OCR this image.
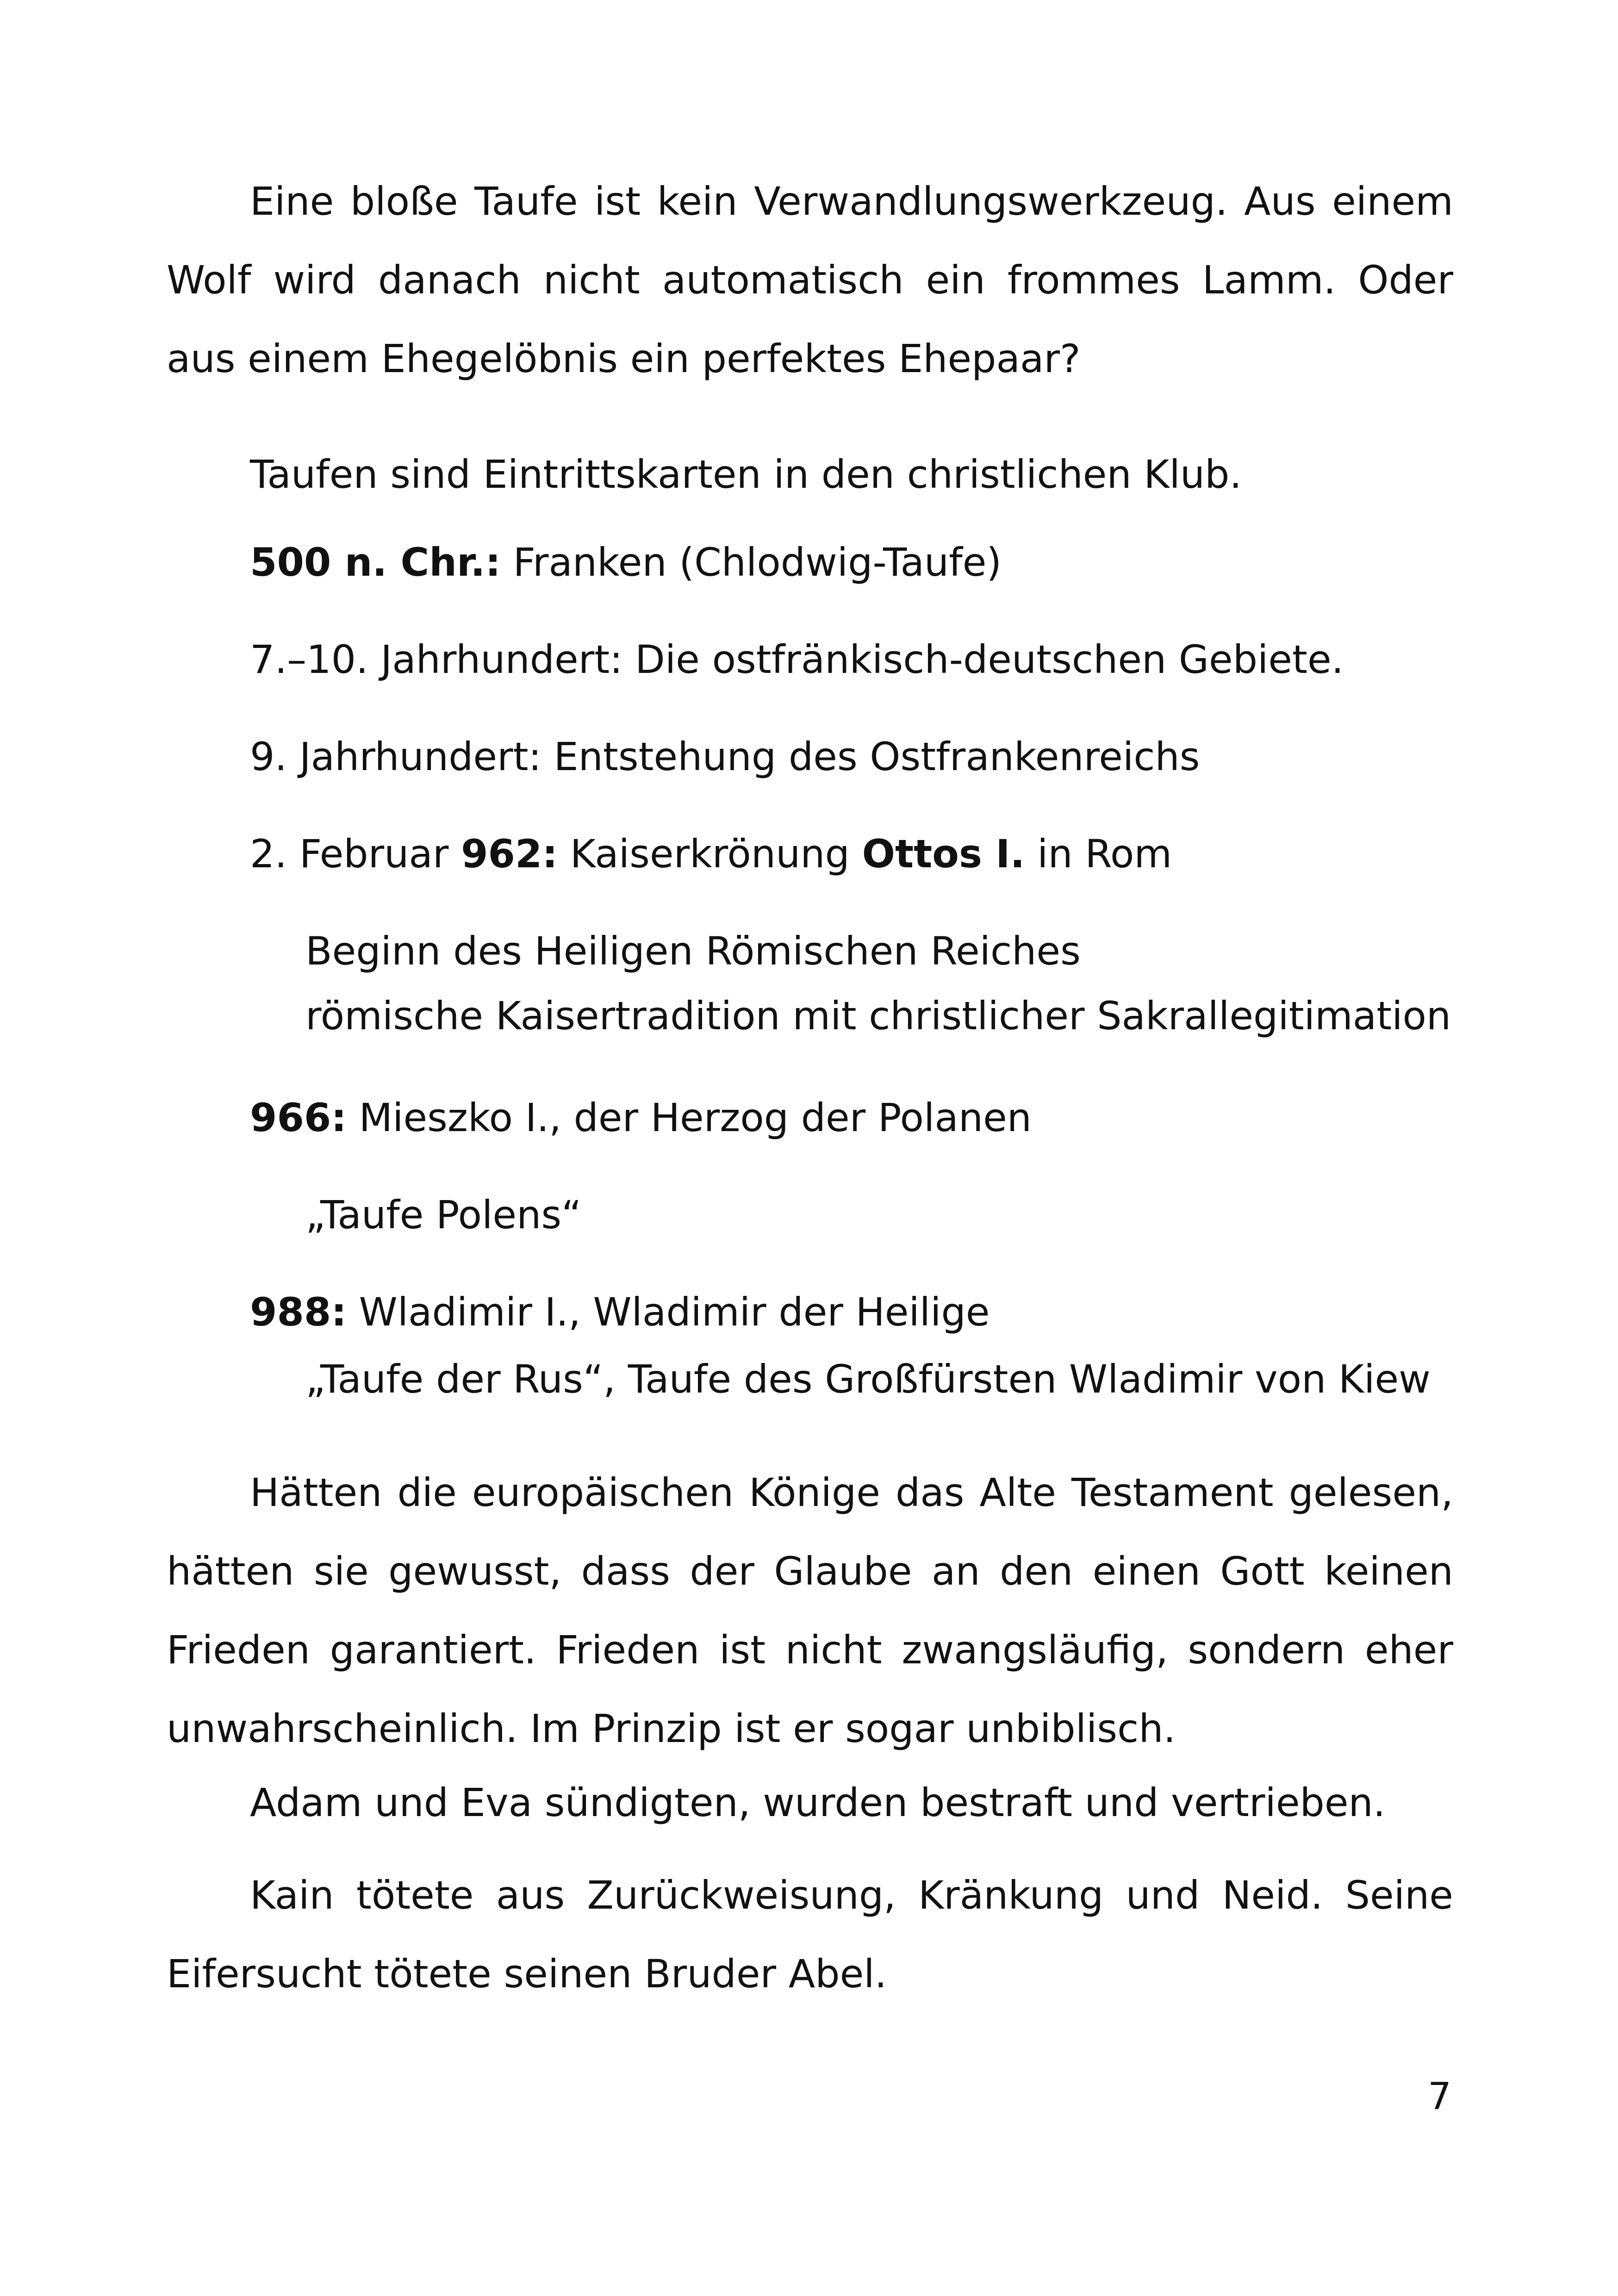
Eine bloße Taufe ist kein Verwandlungswerkzeug. Aus einem Wolf wird danach nicht automatisch ein frommes Lamm. Oder aus einem Ehegelöbnis ein perfektes Ehepaar?

Taufen sind Eintrittskarten in den christlichen Klub.

500 n. Chr.: Franken (Chlodwig-Taufe)

7.–10. Jahrhundert: Die ostfränkisch-deutschen Gebiete.

9. Jahrhundert: Entstehung des Ostfrankenreichs

2. Februar 962: Kaiserkrönung Ottos I. in Rom

Beginn des Heiligen Römischen Reiches

römische Kaisertradition mit christlicher Sakrallegitimation

966: Mieszko I., der Herzog der Polanen

„Taufe Polens“

988: Wladimir I., Wladimir der Heilige

„Taufe der Rus“, Taufe des Großfürsten Wladimir von Kiew

Hätten die europäischen Könige das Alte Testament gelesen, hätten sie gewusst, dass der Glaube an den einen Gott keinen Frieden garantiert. Frieden ist nicht zwangsläufig, sondern eher unwahrscheinlich. Im Prinzip ist er sogar unbiblisch.

Adam und Eva sündigten, wurden bestraft und vertrieben.

Kain tötete aus Zurückweisung, Kränkung und Neid. Seine Eifersucht tötete seinen Bruder Abel.

7
